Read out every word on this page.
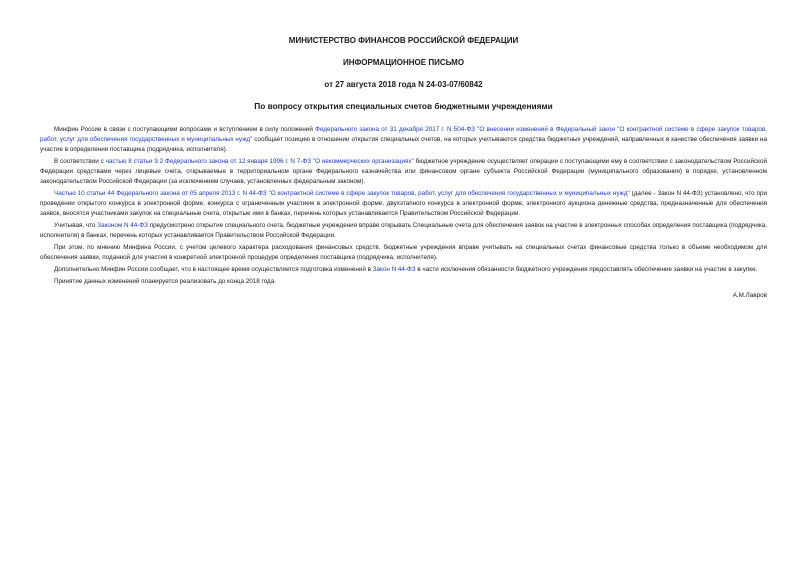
МИНИСТЕРСТВО ФИНАНСОВ РОССИЙСКОЙ ФЕДЕРАЦИИ
ИНФОРМАЦИОННОЕ ПИСЬМО
от 27 августа 2018 года N 24-03-07/60842
По вопросу открытия специальных счетов бюджетными учреждениями

Минфин России в связи с поступающими вопросами и вступлением в силу положений Федерального закона от 31 декабря 2017 г. N 504-ФЗ "О внесении изменений в Федеральный закон "О контрактной системе в сфере закупок товаров, работ, услуг для обеспечения государственных и муниципальных нужд" сообщает позицию в отношении открытия специальных счетов, на которых учитываются средства бюджетных учреждений, направленных в качестве обеспечения заявки на участие в определении поставщика (подрядчика, исполнителя).

В соответствии с частью 8 статьи 9.2 Федерального закона от 12 января 1996 г. N 7-ФЗ "О некоммерческих организациях" бюджетное учреждение осуществляет операции с поступающими ему в соответствии с законодательством Российской Федерации средствами через лицевые счета, открываемые в территориальном органе Федерального казначейства или финансовом органе субъекта Российской Федерации (муниципального образования) в порядке, установленном законодательством Российской Федерации (за исключением случаев, установленных федеральным законом).

Частью 10 статьи 44 Федерального закона от 05 апреля 2013 г. N 44-ФЗ "О контрактной системе в сфере закупок товаров, работ, услуг для обеспечения государственных и муниципальных нужд" (далее - Закон N 44-ФЗ) установлено, что при проведении открытого конкурса в электронной форме, конкурса с ограниченным участием в электронной форме, двухэтапного конкурса в электронной форме, электронного аукциона денежные средства, предназначенные для обеспечения заявок, вносятся участниками закупок на специальные счета, открытые ими в банках, перечень которых устанавливается Правительством Российской Федерации.

Учитывая, что Законом N 44-ФЗ предусмотрено открытие специального счета, бюджетные учреждения вправе открывать Специальные счета для обеспечения заявок на участие в электронных способах определения поставщика (подрядчика, исполнителя) в банках, перечень которых устанавливается Правительством Российской Федерации.

При этом, по мнению Минфина России, с учетом целевого характера расходования финансовых средств, бюджетные учреждения вправе учитывать на специальных счетах финансовые средства только в объеме необходимом для обеспечения заявки, поданной для участия в конкретной электронной процедуре определения поставщика (подрядчика, исполнителя).

Дополнительно Минфин России сообщает, что в настоящее время осуществляется подготовка изменений в Закон N 44-ФЗ в части исключения обязанности бюджетного учреждения предоставлять обеспечение заявки на участие в закупке.

Принятие данных изменений планируется реализовать до конца 2018 года.

А.М.Лавров
